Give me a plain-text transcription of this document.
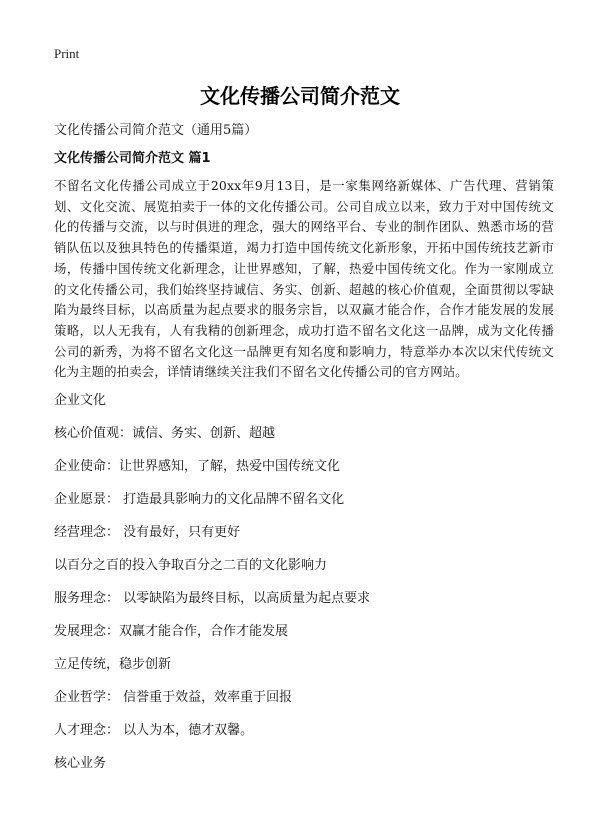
Print
文化传播公司简介范文
文化传播公司简介范文（通用5篇）
文化传播公司简介范文 篇1
不留名文化传播公司成立于20xx年9月13日，是一家集网络新媒体、广告代理、营销策划、文化交流、展览拍卖于一体的文化传播公司。公司自成立以来，致力于对中国传统文化的传播与交流，以与时俱进的理念，强大的网络平台、专业的制作团队、熟悉市场的营销队伍以及独具特色的传播渠道，竭力打造中国传统文化新形象，开拓中国传统技艺新市场，传播中国传统文化新理念，让世界感知，了解，热爱中国传统文化。作为一家刚成立的文化传播公司，我们始终坚持诚信、务实、创新、超越的核心价值观，全面贯彻以零缺陷为最终目标，以高质量为起点要求的服务宗旨，以双赢才能合作，合作才能发展的发展策略，以人无我有，人有我精的创新理念，成功打造不留名文化这一品牌，成为文化传播公司的新秀，为将不留名文化这一品牌更有知名度和影响力，特意举办本次以宋代传统文化为主题的拍卖会，详情请继续关注我们不留名文化传播公司的官方网站。
企业文化
核心价值观：诚信、务实、创新、超越
企业使命：让世界感知，了解，热爱中国传统文化
企业愿景： 打造最具影响力的文化品牌不留名文化
经营理念： 没有最好，只有更好
以百分之百的投入争取百分之二百的文化影响力
服务理念： 以零缺陷为最终目标，以高质量为起点要求
发展理念：双赢才能合作，合作才能发展
立足传统，稳步创新
企业哲学： 信誉重于效益，效率重于回报
人才理念： 以人为本，德才双馨。
核心业务
